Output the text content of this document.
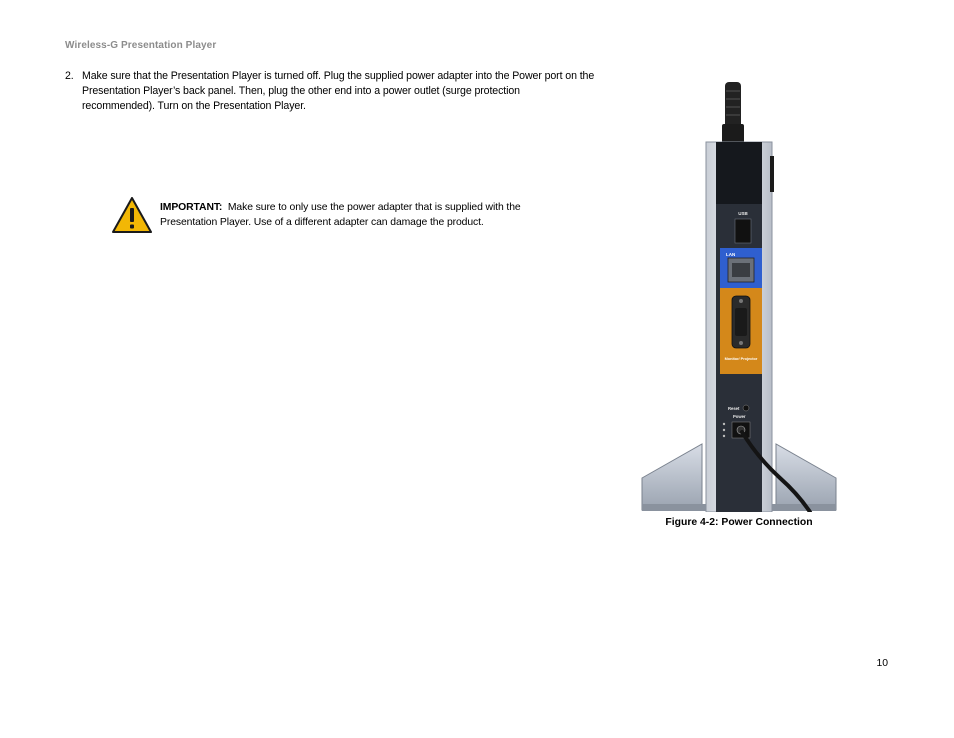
Wireless-G Presentation Player
2. Make sure that the Presentation Player is turned off. Plug the supplied power adapter into the Power port on the Presentation Player’s back panel. Then, plug the other end into a power outlet (surge protection recommended). Turn on the Presentation Player.
IMPORTANT: Make sure to only use the power adapter that is supplied with the Presentation Player. Use of a different adapter can damage the product.
USB
LAN
Monitor/ Projector
Reset
Power
Figure 4-2: Power Connection
10
